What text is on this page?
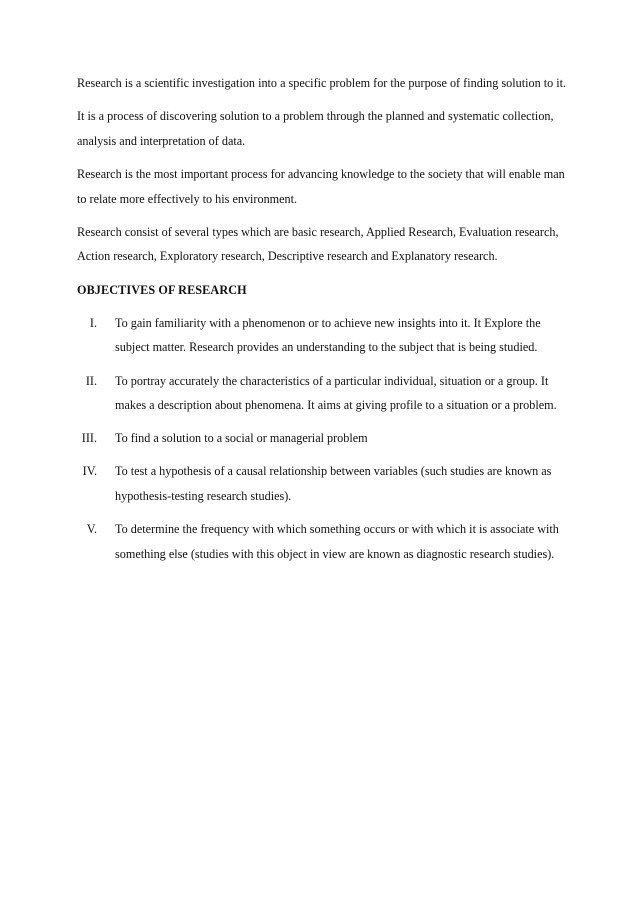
Research is a scientific investigation into a specific problem for the purpose of finding solution to it.

It is a process of discovering solution to a problem through the planned and systematic collection, analysis and interpretation of data.

Research is the most important process for advancing knowledge to the society that will enable man to relate more effectively to his environment.

Research consist of several types which are basic research, Applied Research, Evaluation research, Action research, Exploratory research, Descriptive research and Explanatory research.

OBJECTIVES OF RESEARCH
I.	To gain familiarity with a phenomenon or to achieve new insights into it. It Explore the subject matter. Research provides an understanding to the subject that is being studied.
II.	To portray accurately the characteristics of a particular individual, situation or a group. It makes a description about phenomena. It aims at giving profile to a situation or a problem.
III.	To find a solution to a social or managerial problem
IV.	To test a hypothesis of a causal relationship between variables (such studies are known as hypothesis-testing research studies).
V.	To determine the frequency with which something occurs or with which it is associate with something else (studies with this object in view are known as diagnostic research studies).
